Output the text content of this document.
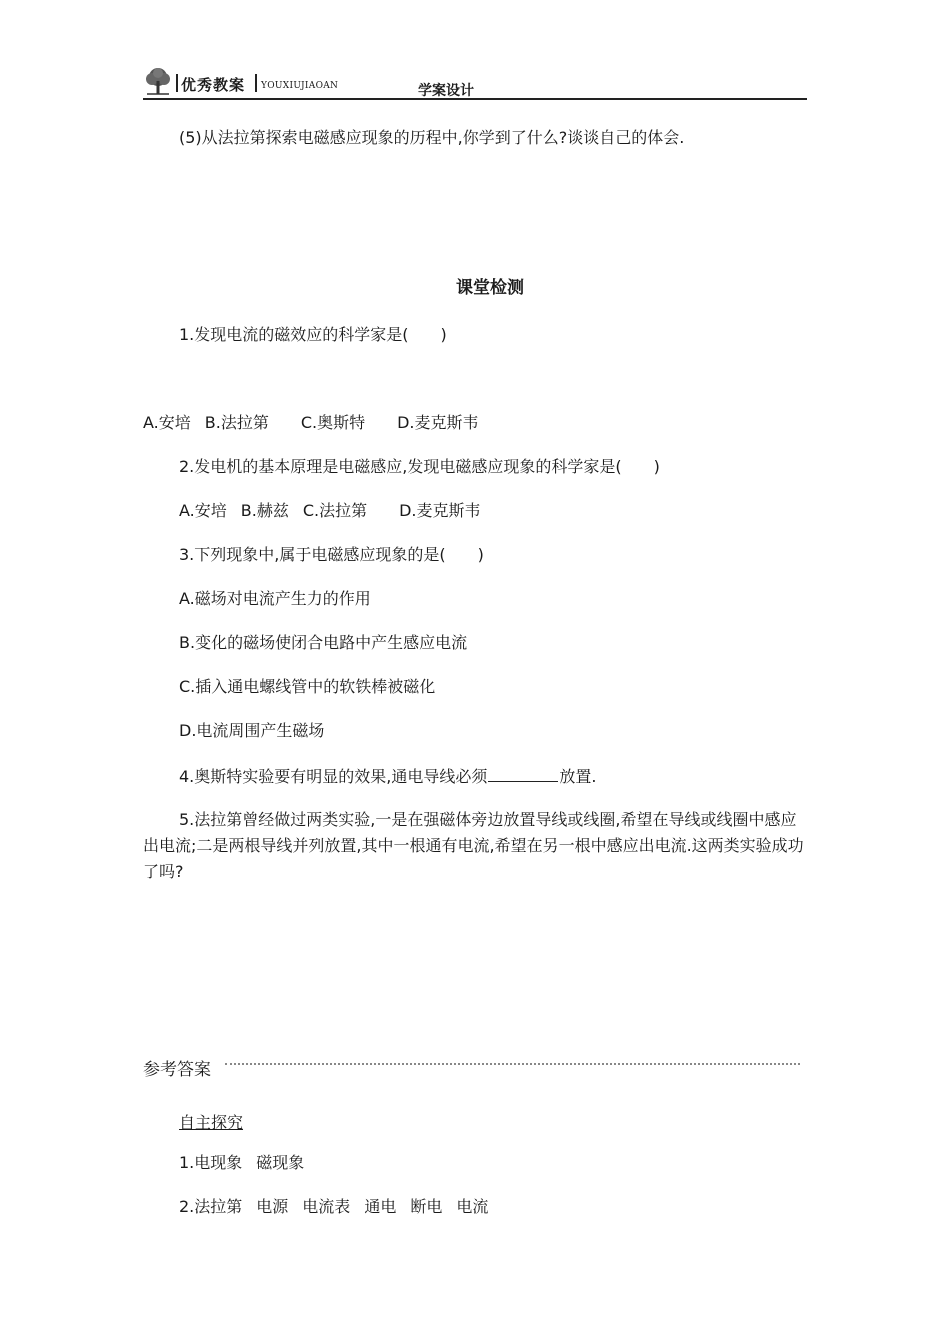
优秀教案 YOUXIUJIAOAN	学案设计
(5)从法拉第探索电磁感应现象的历程中,你学到了什么?谈谈自己的体会.
课堂检测
1.发现电流的磁效应的科学家是(　　)
A.安培 B.法拉第 C.奥斯特 D.麦克斯韦
2.发电机的基本原理是电磁感应,发现电磁感应现象的科学家是(　　)
A.安培 B.赫兹 C.法拉第 D.麦克斯韦
3.下列现象中,属于电磁感应现象的是(　　)
A.磁场对电流产生力的作用
B.变化的磁场使闭合电路中产生感应电流
C.插入通电螺线管中的软铁棒被磁化
D.电流周围产生磁场
4.奥斯特实验要有明显的效果,通电导线必须	放置.
5.法拉第曾经做过两类实验,一是在强磁体旁边放置导线或线圈,希望在导线或线圈中感应出电流;二是两根导线并列放置,其中一根通有电流,希望在另一根中感应出电流.这两类实验成功了吗?
参考答案
自主探究
1.电现象 磁现象
2.法拉第 电源 电流表 通电 断电 电流
